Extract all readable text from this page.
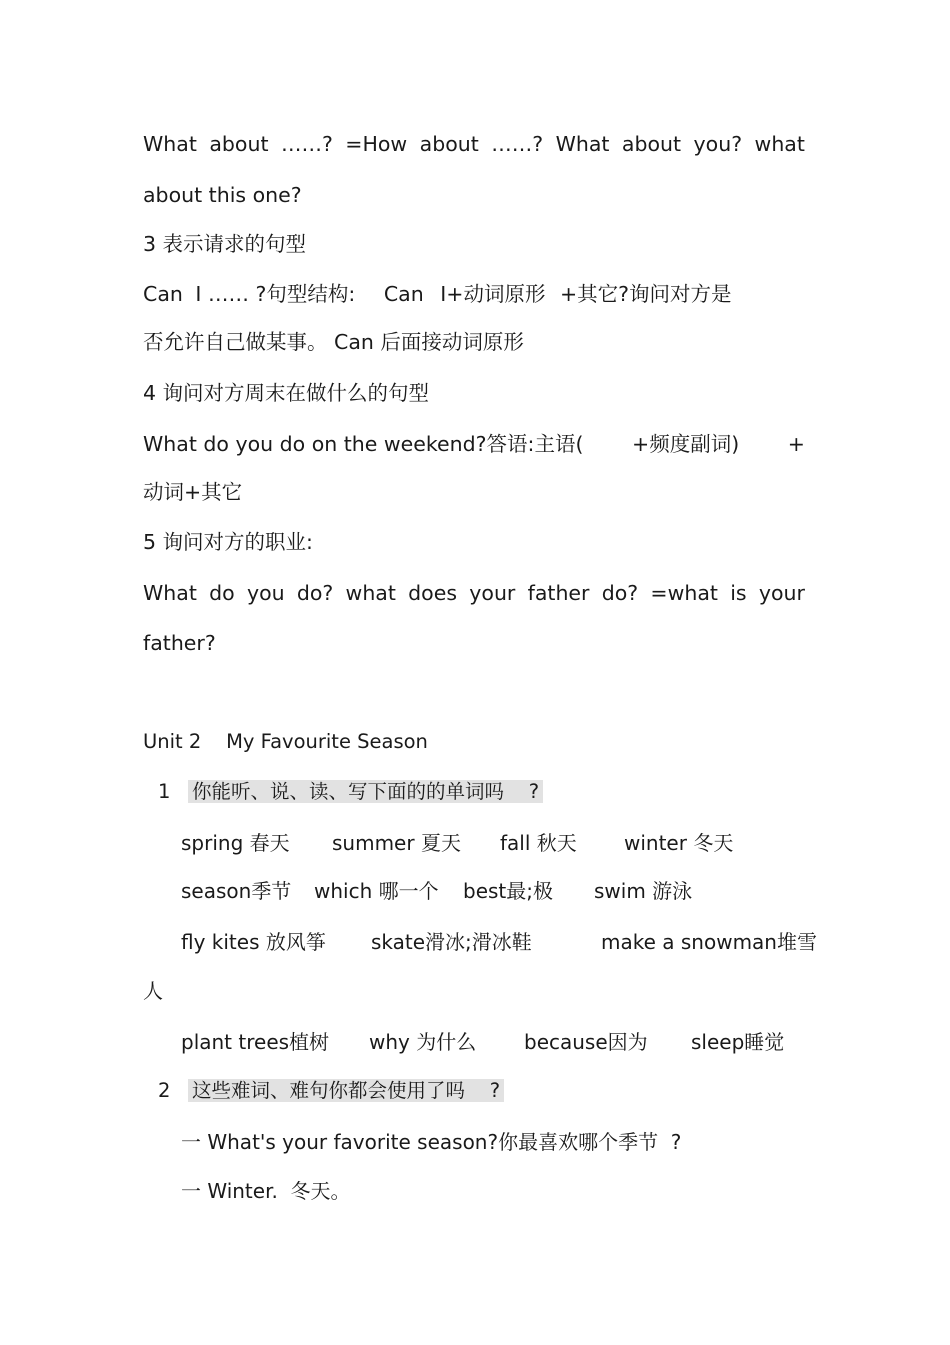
What about ……? =How about ……? What about you? what
about this one?
3 表示请求的句型
Can I …… ?句型结构: Can I+动词原形 +其它?询问对方是
否允许自己做某事。 Can 后面接动词原形
4 询问对方周末在做什么的句型
What do you do on the weekend?答语:主语( +频度副词) +
动词+其它
5 询问对方的职业:
What do you do? what does your father do? =what is your
father?
Unit 2    My Favourite Season
1 你能听、说、读、写下面的的单词吗    ?
spring 春天 summer 夏天 fall 秋天 winter 冬天
season季节 which 哪一个 best最;极 swim 游泳
fly kites 放风筝 skate滑冰;滑冰鞋	make a snowman堆雪
人
plant trees植树 why 为什么 because因为 sleep睡觉
2 这些难词、难句你都会使用了吗    ?
一 What's your favorite season?你最喜欢哪个季节  ?
一 Winter.  冬天。
